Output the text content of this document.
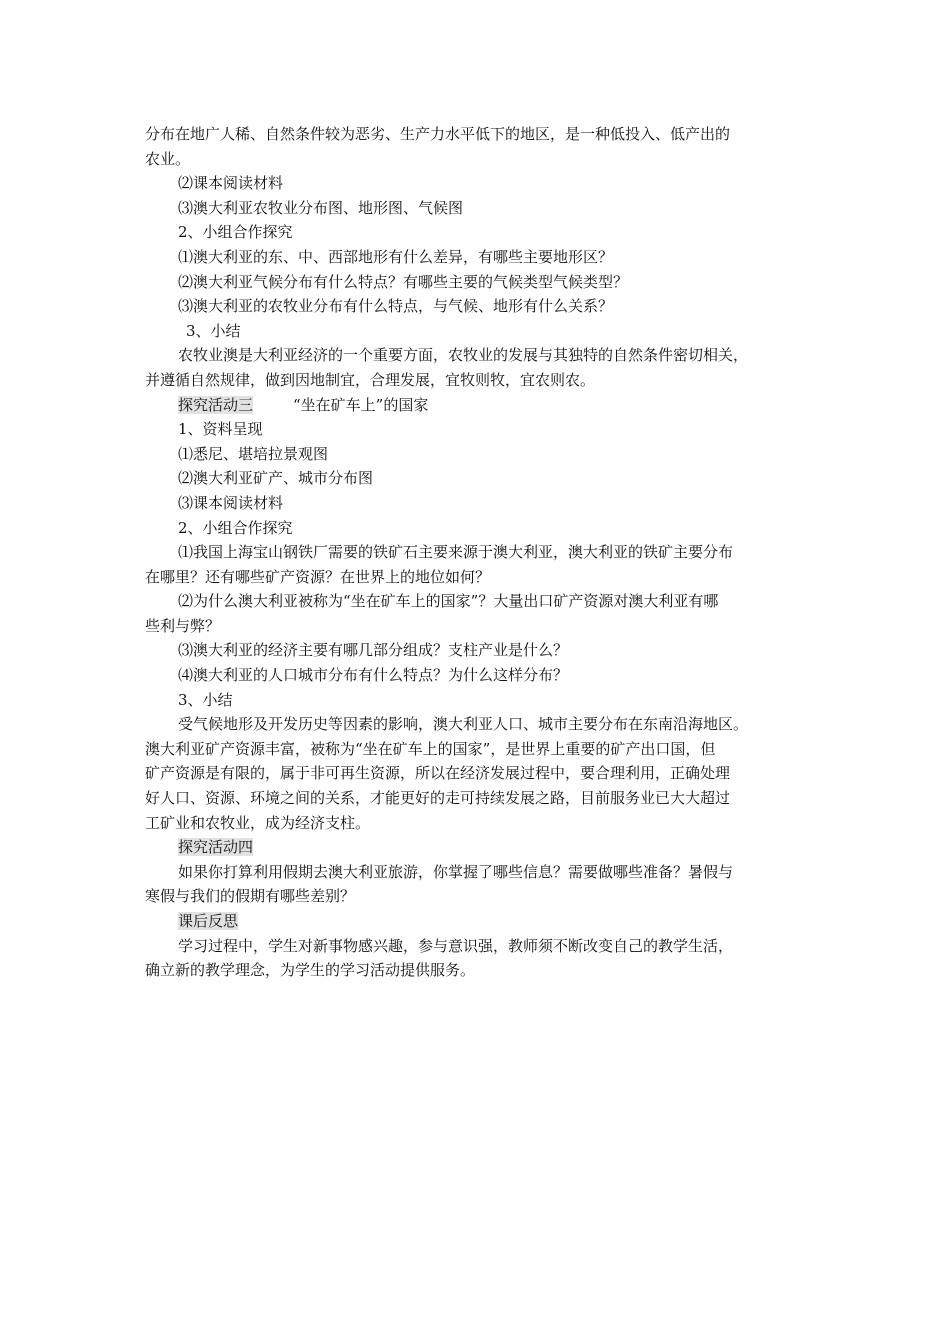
分布在地广人稀、自然条件较为恶劣、生产力水平低下的地区，是一种低投入、低产出的
农业。
⑵课本阅读材料
⑶澳大利亚农牧业分布图、地形图、气候图
2、小组合作探究
⑴澳大利亚的东、中、西部地形有什么差异，有哪些主要地形区？
⑵澳大利亚气候分布有什么特点？有哪些主要的气候类型气候类型？
⑶澳大利亚的农牧业分布有什么特点，与气候、地形有什么关系？
3、小结
农牧业澳是大利亚经济的一个重要方面，农牧业的发展与其独特的自然条件密切相关，
并遵循自然规律，做到因地制宜，合理发展，宜牧则牧，宜农则农。
探究活动三	“坐在矿车上”的国家
1、资料呈现
⑴悉尼、堪培拉景观图
⑵澳大利亚矿产、城市分布图
⑶课本阅读材料
2、小组合作探究
⑴我国上海宝山钢铁厂需要的铁矿石主要来源于澳大利亚，澳大利亚的铁矿主要分布
在哪里？还有哪些矿产资源？在世界上的地位如何？
⑵为什么澳大利亚被称为“坐在矿车上的国家”？大量出口矿产资源对澳大利亚有哪
些利与弊？
⑶澳大利亚的经济主要有哪几部分组成？支柱产业是什么？
⑷澳大利亚的人口城市分布有什么特点？为什么这样分布？
3、小结
受气候地形及开发历史等因素的影响，澳大利亚人口、城市主要分布在东南沿海地区。
澳大利亚矿产资源丰富，被称为“坐在矿车上的国家”，是世界上重要的矿产出口国，但
矿产资源是有限的，属于非可再生资源，所以在经济发展过程中，要合理利用，正确处理
好人口、资源、环境之间的关系，才能更好的走可持续发展之路，目前服务业已大大超过
工矿业和农牧业，成为经济支柱。
探究活动四
如果你打算利用假期去澳大利亚旅游，你掌握了哪些信息？需要做哪些准备？暑假与
寒假与我们的假期有哪些差别？
课后反思
学习过程中，学生对新事物感兴趣，参与意识强，教师须不断改变自己的教学生活，
确立新的教学理念，为学生的学习活动提供服务。
